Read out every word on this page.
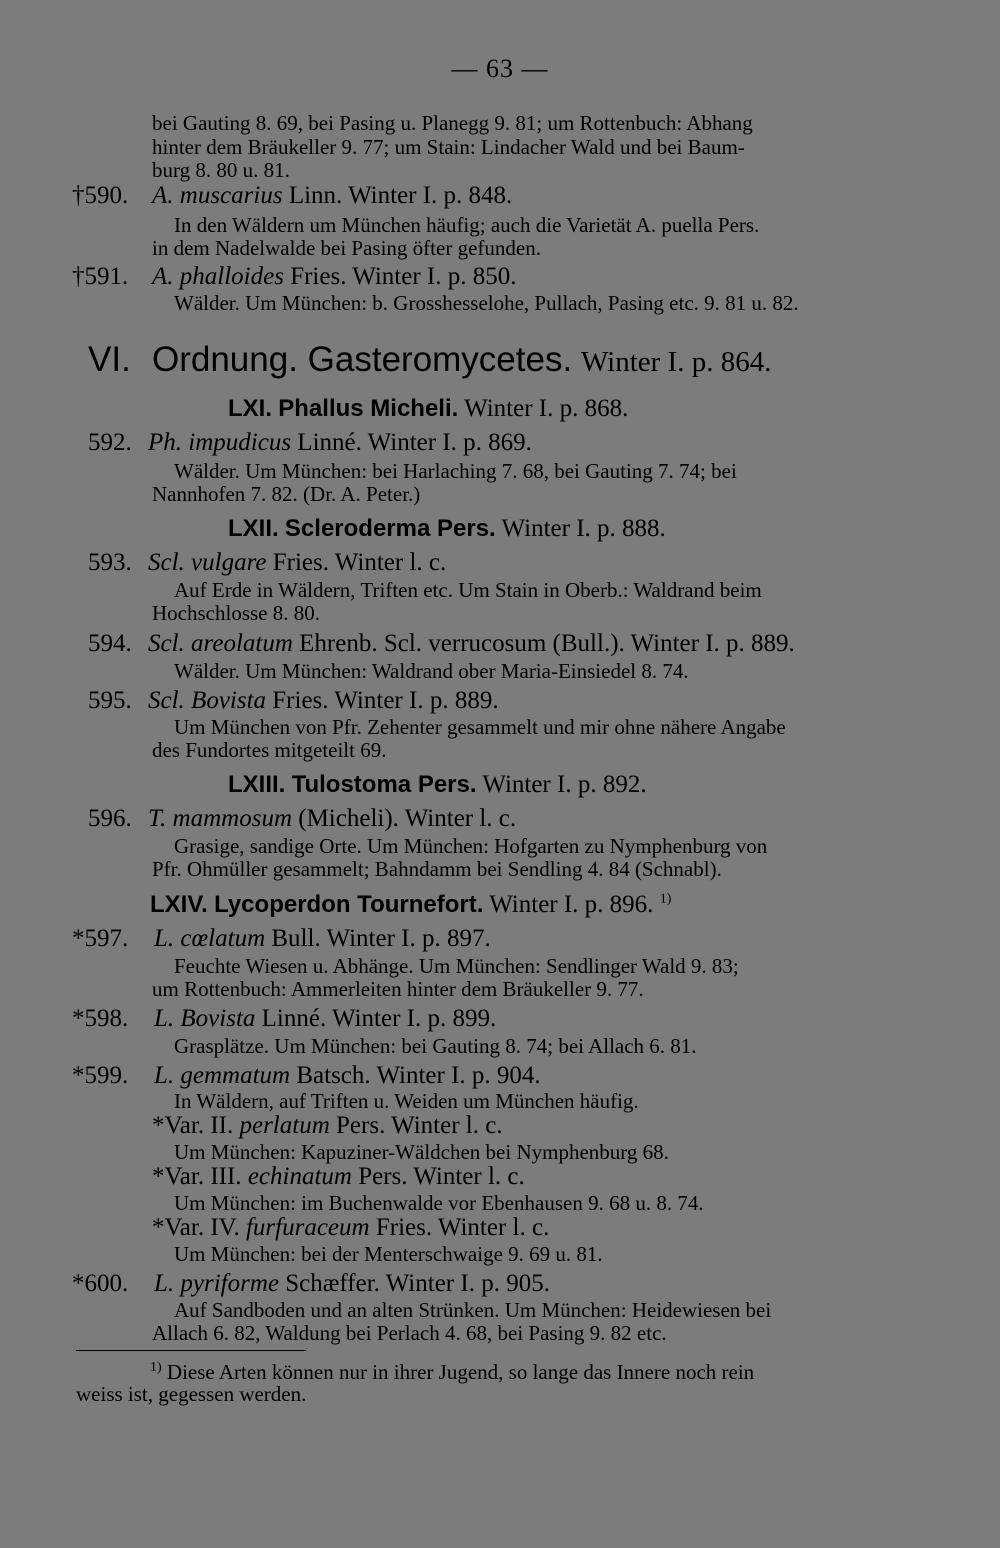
— 63 —
bei Gauting 8. 69, bei Pasing u. Planegg 9. 81; um Rottenbuch: Abhang
hinter dem Bräukeller 9. 77; um Stain: Lindacher Wald und bei Baum-
burg 8. 80 u. 81.
†590. A. muscarius Linn. Winter I. p. 848.
In den Wäldern um München häufig; auch die Varietät A. puella Pers.
in dem Nadelwalde bei Pasing öfter gefunden.
†591. A. phalloides Fries. Winter I. p. 850.
Wälder. Um München: b. Grosshesselohe, Pullach, Pasing etc. 9. 81 u. 82.
VI. Ordnung. Gasteromycetes. Winter I. p. 864.
LXI. Phallus Micheli. Winter I. p. 868.
592. Ph. impudicus Linné. Winter I. p. 869.
Wälder. Um München: bei Harlaching 7. 68, bei Gauting 7. 74; bei
Nannhofen 7. 82. (Dr. A. Peter.)
LXII. Scleroderma Pers. Winter I. p. 888.
593. Scl. vulgare Fries. Winter l. c.
Auf Erde in Wäldern, Triften etc. Um Stain in Oberb.: Waldrand beim
Hochschlosse 8. 80.
594. Scl. areolatum Ehrenb. Scl. verrucosum (Bull.). Winter I. p. 889.
Wälder. Um München: Waldrand ober Maria-Einsiedel 8. 74.
595. Scl. Bovista Fries. Winter I. p. 889.
Um München von Pfr. Zehenter gesammelt und mir ohne nähere Angabe
des Fundortes mitgeteilt 69.
LXIII. Tulostoma Pers. Winter I. p. 892.
596. T. mammosum (Micheli). Winter l. c.
Grasige, sandige Orte. Um München: Hofgarten zu Nymphenburg von
Pfr. Ohmüller gesammelt; Bahndamm bei Sendling 4. 84 (Schnabl).
LXIV. Lycoperdon Tournefort. Winter I. p. 896. $^{1)}$
*597. L. cœlatum Bull. Winter I. p. 897.
Feuchte Wiesen u. Abhänge. Um München: Sendlinger Wald 9. 83;
um Rottenbuch: Ammerleiten hinter dem Bräukeller 9. 77.
*598. L. Bovista Linné. Winter I. p. 899.
Grasplätze. Um München: bei Gauting 8. 74; bei Allach 6. 81.
*599. L. gemmatum Batsch. Winter I. p. 904.
In Wäldern, auf Triften u. Weiden um München häufig.
*Var. II. perlatum Pers. Winter l. c.
Um München: Kapuziner-Wäldchen bei Nymphenburg 68.
*Var. III. echinatum Pers. Winter l. c.
Um München: im Buchenwalde vor Ebenhausen 9. 68 u. 8. 74.
*Var. IV. furfuraceum Fries. Winter l. c.
Um München: bei der Menterschwaige 9. 69 u. 81.
*600. L. pyriforme Schæffer. Winter I. p. 905.
Auf Sandboden und an alten Strünken. Um München: Heidewiesen bei
Allach 6. 82, Waldung bei Perlach 4. 68, bei Pasing 9. 82 etc.
$^{1)}$ Diese Arten können nur in ihrer Jugend, so lange das Innere noch rein
weiss ist, gegessen werden.
